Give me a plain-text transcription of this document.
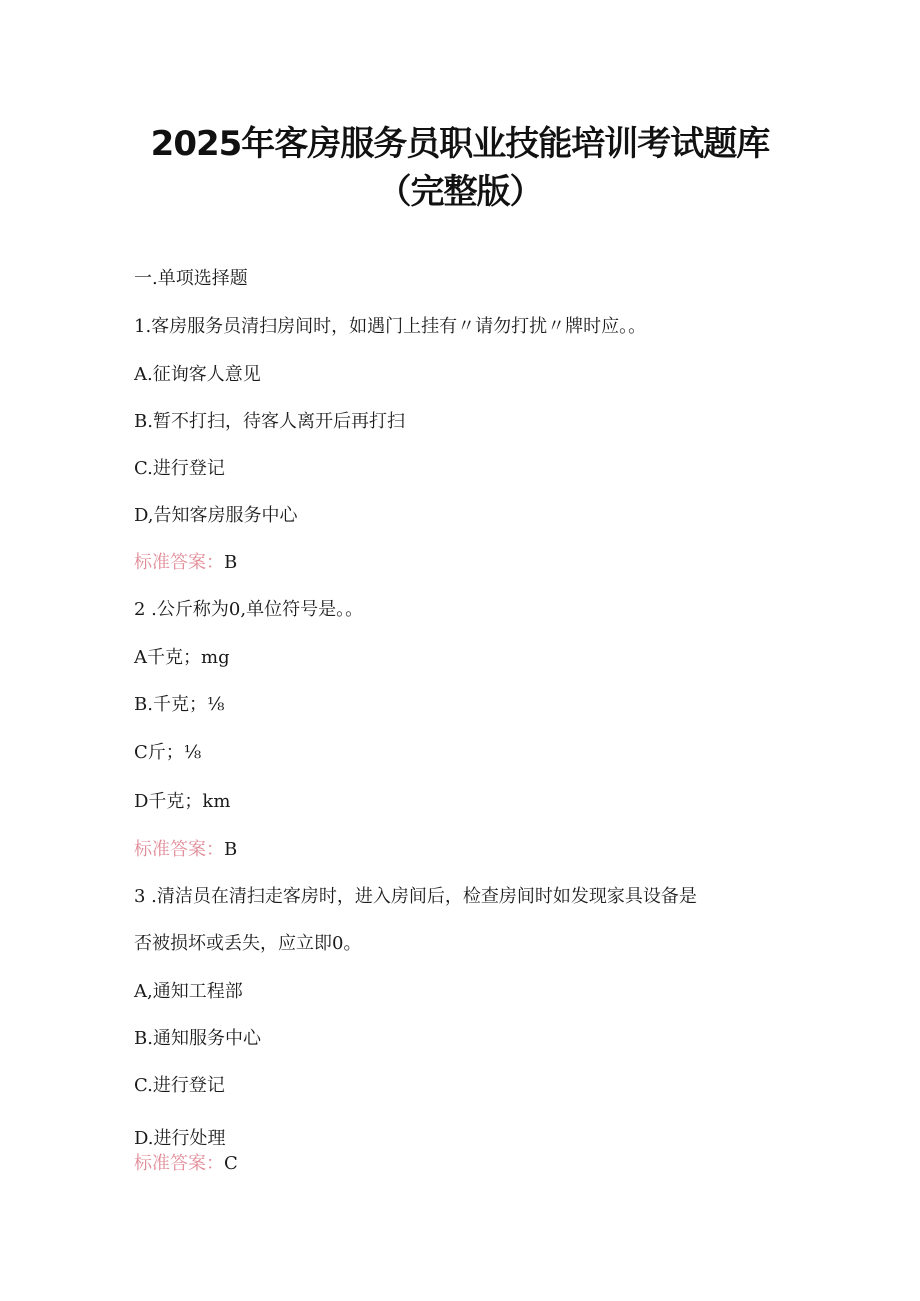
2025年客房服务员职业技能培训考试题库
（完整版）
一.单项选择题
1.客房服务员清扫房间时，如遇门上挂有〃请勿打扰〃牌时应。。
A.征询客人意见
B.暂不打扫，待客人离开后再打扫
C.进行登记
D,告知客房服务中心
标准答案：B
2 .公斤称为0,单位符号是。。
A千克；mg
B.千克；⅛
C斤；⅛
D千克；km
标准答案：B
3 .清洁员在清扫走客房时，进入房间后，检查房间时如发现家具设备是
否被损坏或丢失，应立即0。
A,通知工程部
B.通知服务中心
C.进行登记
D.进行处理
标准答案：C
